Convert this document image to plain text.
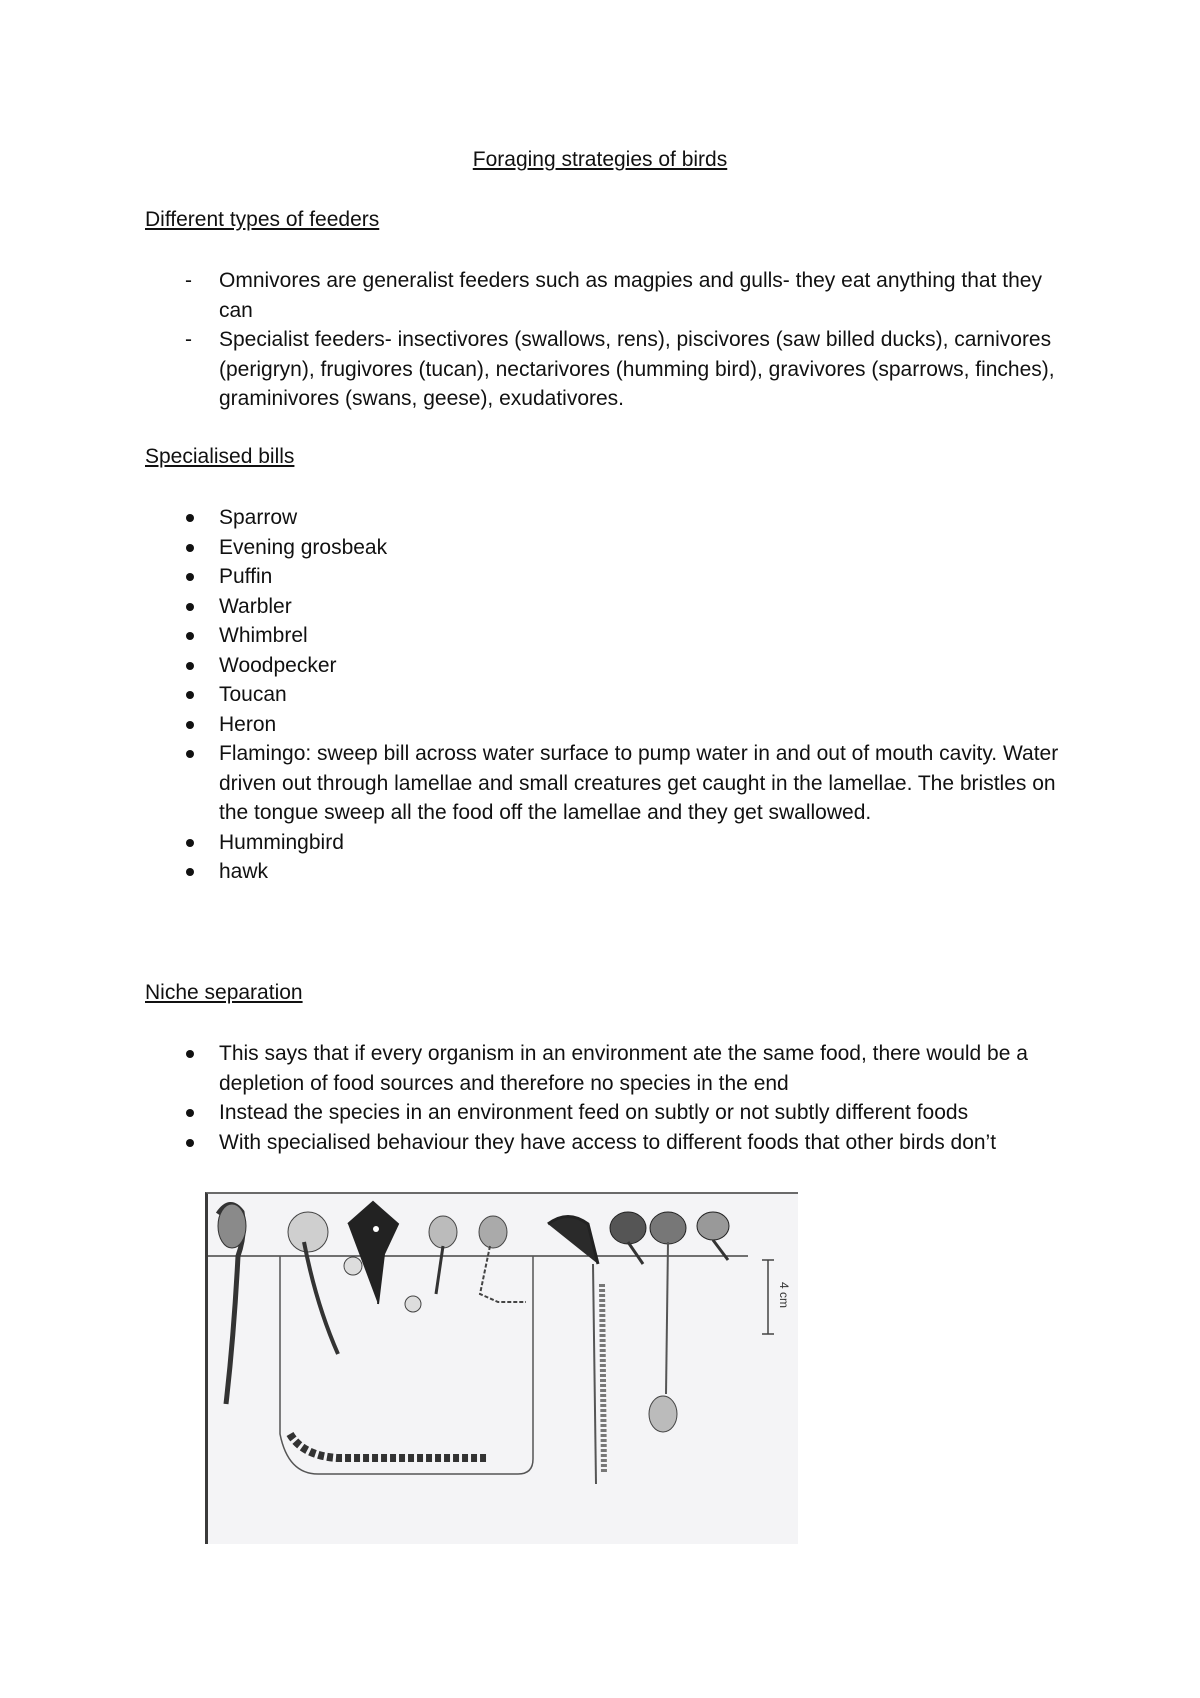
Foraging strategies of birds
Different types of feeders
- Omnivores are generalist feeders such as magpies and gulls- they eat anything that they can
- Specialist feeders- insectivores (swallows, rens), piscivores (saw billed ducks), carnivores (perigryn), frugivores (tucan), nectarivores (humming bird), gravivores (sparrows, finches), graminivores (swans, geese), exudativores.
Specialised bills
Sparrow
Evening grosbeak
Puffin
Warbler
Whimbrel
Woodpecker
Toucan
Heron
Flamingo: sweep bill across water surface to pump water in and out of mouth cavity. Water driven out through lamellae and small creatures get caught in the lamellae. The bristles on the tongue sweep all the food off the lamellae and they get swallowed.
Hummingbird
hawk
Niche separation
This says that if every organism in an environment ate the same food, there would be a depletion of food sources and therefore no species in the end
Instead the species in an environment feed on subtly or not subtly different foods
With specialised behaviour they have access to different foods that other birds don’t
4 cm
